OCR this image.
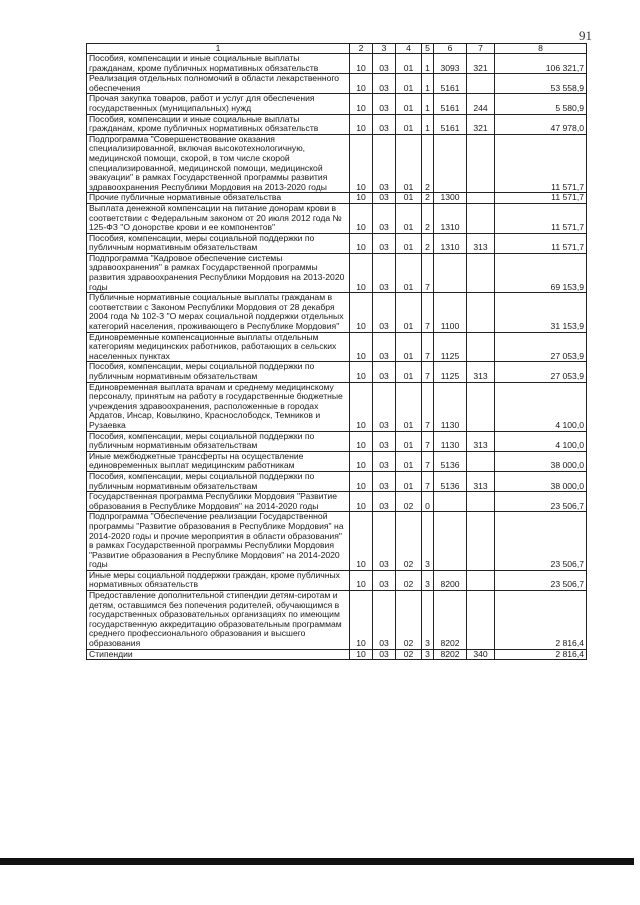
91
1	2	3	4	5	6	7	8
Пособия, компенсации и иные социальные выплаты гражданам, кроме публичных нормативных обязательств	10	03	01	1	3093	321	106 321,7
Реализация отдельных полномочий в области лекарственного обеспечения	10	03	01	1	5161		53 558,9
Прочая закупка товаров, работ и услуг для обеспечения государственных (муниципальных) нужд	10	03	01	1	5161	244	5 580,9
Пособия, компенсации и иные социальные выплаты гражданам, кроме публичных нормативных обязательств	10	03	01	1	5161	321	47 978,0
Подпрограмма "Совершенствование оказания специализированной, включая высокотехнологичную, медицинской помощи, скорой, в том числе скорой специализированной, медицинской помощи, медицинской эвакуации" в рамках Государственной программы развития здравоохранения Республики Мордовия на 2013-2020 годы	10	03	01	2			11 571,7
Прочие публичные нормативные обязательства	10	03	01	2	1300		11 571,7
Выплата денежной компенсации на питание донорам крови в соответствии с Федеральным законом от 20 июля 2012 года № 125-ФЗ "О донорстве крови и ее компонентов"	10	03	01	2	1310		11 571,7
Пособия, компенсации, меры социальной поддержки по публичным нормативным обязательствам	10	03	01	2	1310	313	11 571,7
Подпрограмма "Кадровое обеспечение системы здравоохранения" в рамках Государственной программы развития здравоохранения Республики Мордовия на 2013-2020 годы	10	03	01	7			69 153,9
Публичные нормативные социальные выплаты гражданам в соответствии с Законом Республики Мордовия от 28 декабря 2004 года № 102-З "О мерах социальной поддержки отдельных категорий населения, проживающего в Республике Мордовия"	10	03	01	7	1100		31 153,9
Единовременные компенсационные выплаты отдельным категориям медицинских работников, работающих в сельских населенных пунктах	10	03	01	7	1125		27 053,9
Пособия, компенсации, меры социальной поддержки по публичным нормативным обязательствам	10	03	01	7	1125	313	27 053,9
Единовременная выплата врачам и среднему медицинскому персоналу, принятым на работу в государственные бюджетные учреждения здравоохранения, расположенные в городах Ардатов, Инсар, Ковылкино, Краснослободск, Темников и Рузаевка	10	03	01	7	1130		4 100,0
Пособия, компенсации, меры социальной поддержки по публичным нормативным обязательствам	10	03	01	7	1130	313	4 100,0
Иные межбюджетные трансферты на осуществление единовременных выплат медицинским работникам	10	03	01	7	5136		38 000,0
Пособия, компенсации, меры социальной поддержки по публичным нормативным обязательствам	10	03	01	7	5136	313	38 000,0
Государственная программа Республики Мордовия "Развитие образования в Республике Мордовия" на 2014-2020 годы	10	03	02	0			23 506,7
Подпрограмма "Обеспечение реализации Государственной программы "Развитие образования в Республике Мордовия" на 2014-2020 годы и прочие мероприятия в области образования" в рамках Государственной программы Республики Мордовия "Развитие образования в Республике Мордовия" на 2014-2020 годы	10	03	02	3			23 506,7
Иные меры социальной поддержки граждан, кроме публичных нормативных обязательств	10	03	02	3	8200		23 506,7
Предоставление дополнительной стипендии детям-сиротам и детям, оставшимся без попечения родителей, обучающимся в государственных образовательных организациях по имеющим государственную аккредитацию образовательным программам среднего профессионального образования и высшего образования	10	03	02	3	8202		2 816,4
Стипендии	10	03	02	3	8202	340	2 816,4
